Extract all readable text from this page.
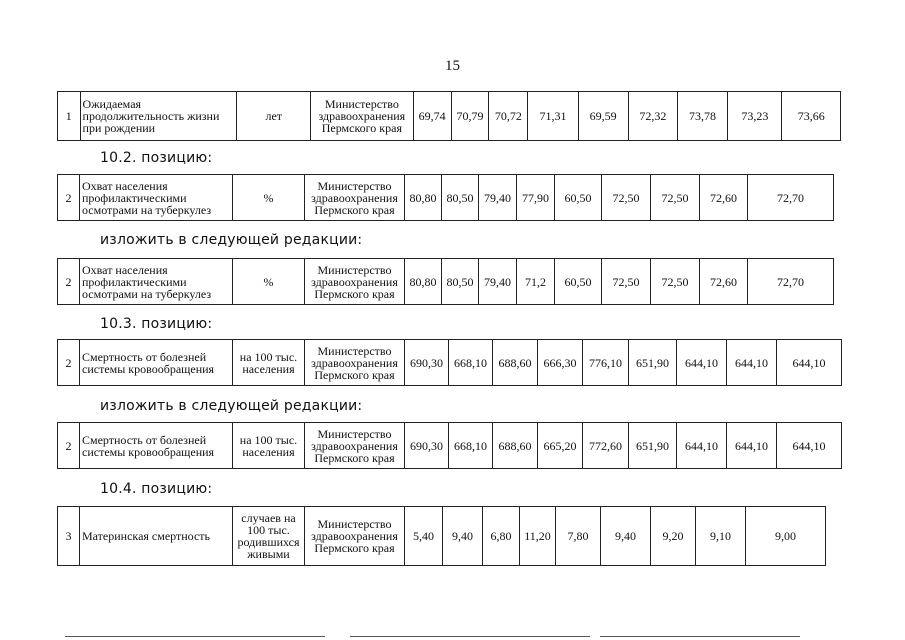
15
1	Ожидаемая продолжительность жизни при рождении	лет	Министерство здравоохранения Пермского края	69,74	70,79	70,72	71,31	69,59	72,32	73,78	73,23	73,66
10.2. позицию:
2	Охват населения профилактическими осмотрами на туберкулез	%	Министерство здравоохранения Пермского края	80,80	80,50	79,40	77,90	60,50	72,50	72,50	72,60	72,70
изложить в следующей редакции:
2	Охват населения профилактическими осмотрами на туберкулез	%	Министерство здравоохранения Пермского края	80,80	80,50	79,40	71,2	60,50	72,50	72,50	72,60	72,70
10.3. позицию:
2	Смертность от болезней системы кровообращения	на 100 тыс. населения	Министерство здравоохранения Пермского края	690,30	668,10	688,60	666,30	776,10	651,90	644,10	644,10	644,10
изложить в следующей редакции:
2	Смертность от болезней системы кровообращения	на 100 тыс. населения	Министерство здравоохранения Пермского края	690,30	668,10	688,60	665,20	772,60	651,90	644,10	644,10	644,10
10.4. позицию:
3	Материнская смертность	случаев на 100 тыс. родившихся живыми	Министерство здравоохранения Пермского края	5,40	9,40	6,80	11,20	7,80	9,40	9,20	9,10	9,00
